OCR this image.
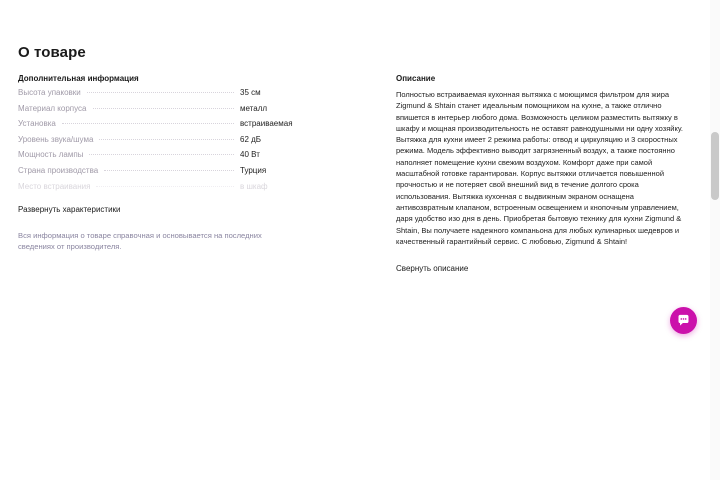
О товаре
Дополнительная информация
Высота упаковки	35 см
Материал корпуса	металл
Установка	встраиваемая
Уровень звука/шума	62 дБ
Мощность лампы	40 Вт
Страна производства	Турция
Место встраивания	в шкаф
Развернуть характеристики

Вся информация о товаре справочная и основывается на последних сведениях от производителя.

Описание

Полностью встраиваемая кухонная вытяжка с моющимся фильтром для жира Zigmund & Shtain станет идеальным помощником на кухне, а также отлично впишется в интерьер любого дома. Возможность целиком разместить вытяжку в шкафу и мощная производительность не оставят равнодушными ни одну хозяйку. Вытяжка для кухни имеет 2 режима работы: отвод и циркуляцию и 3 скоростных режима. Модель эффективно выводит загрязненный воздух, а также постоянно наполняет помещение кухни свежим воздухом. Комфорт даже при самой масштабной готовке гарантирован. Корпус вытяжки отличается повышенной прочностью и не потеряет свой внешний вид в течение долгого срока использования. Вытяжка кухонная с выдвижным экраном оснащена антивозвратным клапаном, встроенным освещением и кнопочным управлением, даря удобство изо дня в день. Приобретая бытовую технику для кухни Zigmund & Shtain, Вы получаете надежного компаньона для любых кулинарных шедевров и качественный гарантийный сервис. С любовью, Zigmund & Shtain!

Свернуть описание
